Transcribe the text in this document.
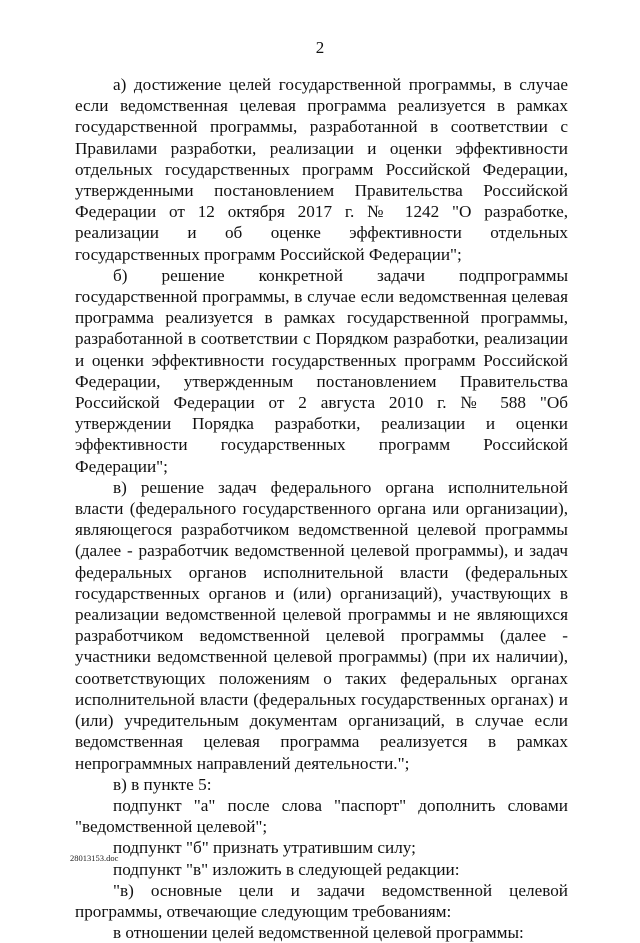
2

а) достижение целей государственной программы, в случае если ведомственная целевая программа реализуется в рамках государственной программы, разработанной в соответствии с Правилами разработки, реализации и оценки эффективности отдельных государственных программ Российской Федерации, утвержденными постановлением Правительства Российской Федерации от 12 октября 2017 г. № 1242 "О разработке, реализации и об оценке эффективности отдельных государственных программ Российской Федерации";

б) решение конкретной задачи подпрограммы государственной программы, в случае если ведомственная целевая программа реализуется в рамках государственной программы, разработанной в соответствии с Порядком разработки, реализации и оценки эффективности государственных программ Российской Федерации, утвержденным постановлением Правительства Российской Федерации от 2 августа 2010 г. № 588 "Об утверждении Порядка разработки, реализации и оценки эффективности государственных программ Российской Федерации";

в) решение задач федерального органа исполнительной власти (федерального государственного органа или организации), являющегося разработчиком ведомственной целевой программы (далее - разработчик ведомственной целевой программы), и задач федеральных органов исполнительной власти (федеральных государственных органов и (или) организаций), участвующих в реализации ведомственной целевой программы и не являющихся разработчиком ведомственной целевой программы (далее - участники ведомственной целевой программы) (при их наличии), соответствующих положениям о таких федеральных органах исполнительной власти (федеральных государственных органах) и (или) учредительным документам организаций, в случае если ведомственная целевая программа реализуется в рамках непрограммных направлений деятельности.";

в) в пункте 5:

подпункт "а" после слова "паспорт" дополнить словами "ведомственной целевой";

подпункт "б" признать утратившим силу;

подпункт "в" изложить в следующей редакции:

"в) основные цели и задачи ведомственной целевой программы, отвечающие следующим требованиям:

в отношении целей ведомственной целевой программы:

28013153.doc
